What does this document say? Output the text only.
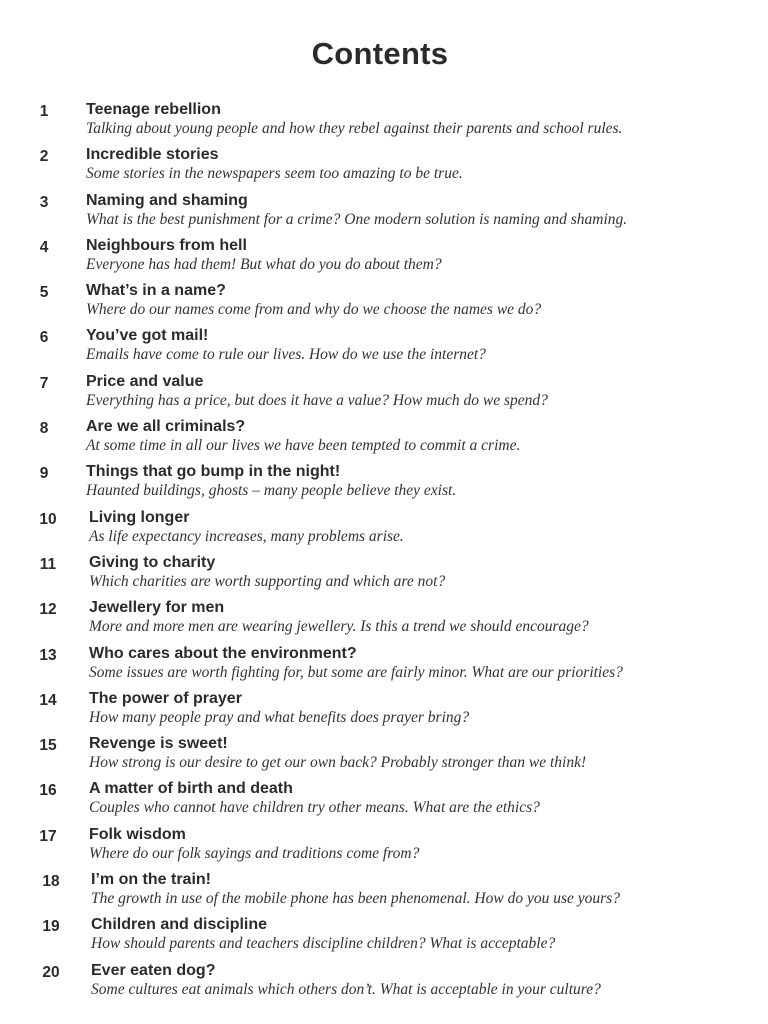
Contents
1	Teenage rebellion
Talking about young people and how they rebel against their parents and school rules.
2	Incredible stories
Some stories in the newspapers seem too amazing to be true.
3	Naming and shaming
What is the best punishment for a crime? One modern solution is naming and shaming.
4	Neighbours from hell
Everyone has had them! But what do you do about them?
5	What’s in a name?
Where do our names come from and why do we choose the names we do?
6	You’ve got mail!
Emails have come to rule our lives. How do we use the internet?
7	Price and value
Everything has a price, but does it have a value? How much do we spend?
8	Are we all criminals?
At some time in all our lives we have been tempted to commit a crime.
9	Things that go bump in the night!
Haunted buildings, ghosts – many people believe they exist.
10	Living longer
As life expectancy increases, many problems arise.
11	Giving to charity
Which charities are worth supporting and which are not?
12	Jewellery for men
More and more men are wearing jewellery. Is this a trend we should encourage?
13	Who cares about the environment?
Some issues are worth fighting for, but some are fairly minor. What are our priorities?
14	The power of prayer
How many people pray and what benefits does prayer bring?
15	Revenge is sweet!
How strong is our desire to get our own back? Probably stronger than we think!
16	A matter of birth and death
Couples who cannot have children try other means. What are the ethics?
17	Folk wisdom
Where do our folk sayings and traditions come from?
18	I’m on the train!
The growth in use of the mobile phone has been phenomenal. How do you use yours?
19	Children and discipline
How should parents and teachers discipline children? What is acceptable?
20	Ever eaten dog?
Some cultures eat animals which others don’t. What is acceptable in your culture?
